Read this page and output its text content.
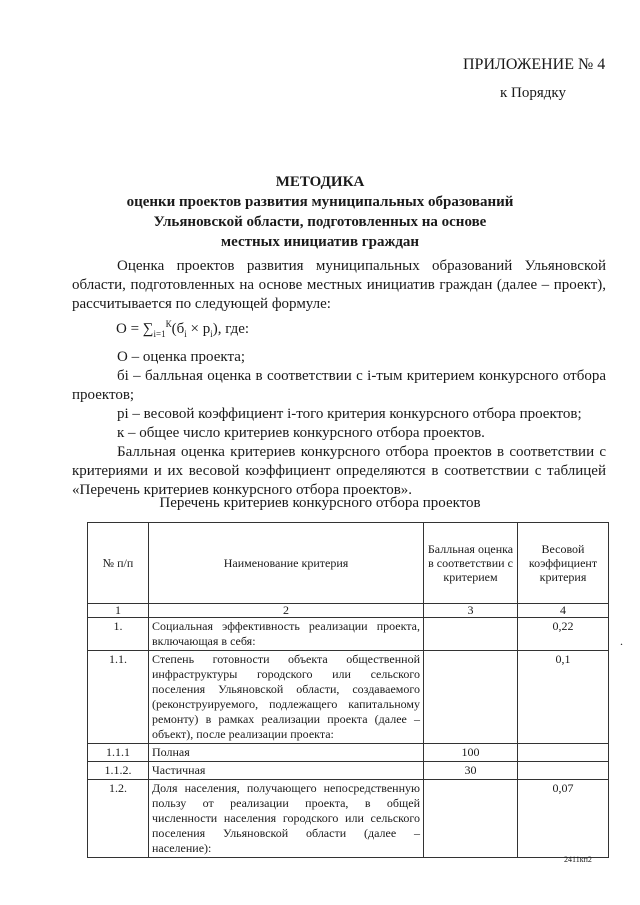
ПРИЛОЖЕНИЕ № 4
к Порядку
МЕТОДИКА
оценки проектов развития муниципальных образований
Ульяновской области, подготовленных на основе
местных инициатив граждан
Оценка проектов развития муниципальных образований Ульяновской области, подготовленных на основе местных инициатив граждан (далее – проект), рассчитывается по следующей формуле:
$О = \sum_{i=1}^К(б_i \times p_i)$, где:
О – оценка проекта;
бi – балльная оценка в соответствии с i-тым критерием конкурсного отбора проектов;
pi – весовой коэффициент i-того критерия конкурсного отбора проектов;
к – общее число критериев конкурсного отбора проектов.
Балльная оценка критериев конкурсного отбора проектов в соответствии с критериями и их весовой коэффициент определяются в соответствии с таблицей «Перечень критериев конкурсного отбора проектов».
Перечень критериев конкурсного отбора проектов
№ п/п	Наименование критерия	Балльная оценка в соответствии с критерием	Весовой коэффициент критерия
1	2	3	4
1.	Социальная эффективность реализации проекта, включающая в себя:		0,22
1.1.	Степень готовности объекта общественной инфраструктуры городского или сельского поселения Ульяновской области, создаваемого (реконструируемого, подлежащего капитальному ремонту) в рамках реализации проекта (далее – объект), после реализации проекта:		0,1
1.1.1	Полная	100	
1.1.2.	Частичная	30	
1.2.	Доля населения, получающего непосредственную пользу от реализации проекта, в общей численности населения городского или сельского поселения Ульяновской области (далее – население):		0,07
.
2411кп2
